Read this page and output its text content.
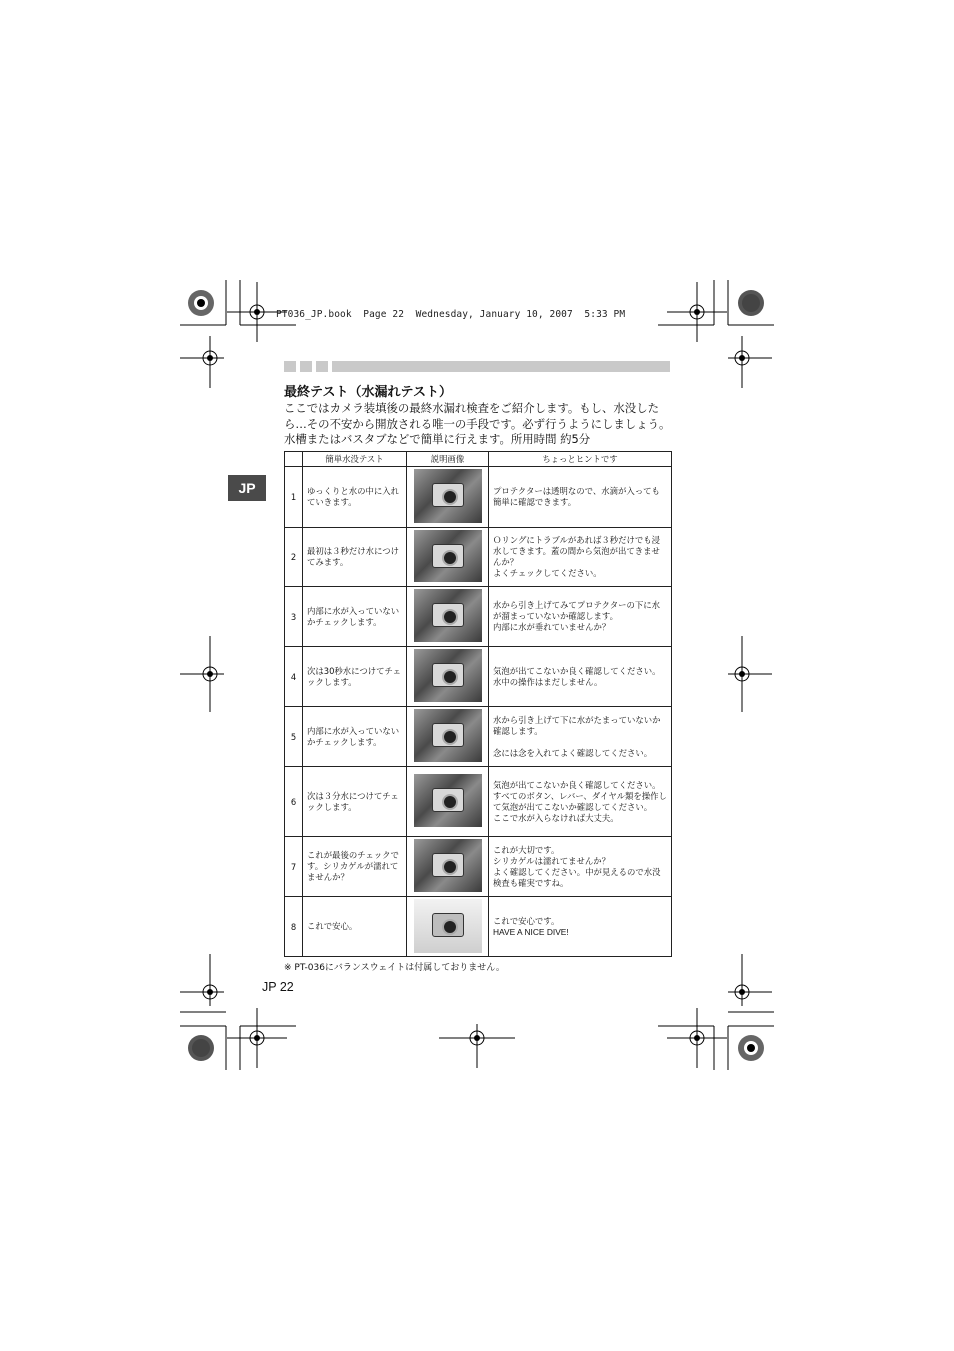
PT036_JP.book  Page 22  Wednesday, January 10, 2007  5:33 PM
JP
最終テスト（水漏れテスト）
ここではカメラ装填後の最終水漏れ検査をご紹介します。もし、水没したら…その不安から開放される唯一の手段です。必ず行うようにしましょう。水槽またはバスタブなどで簡単に行えます。所用時間 約5分
	簡単水没テスト	説明画像	ちょっとヒントです
1	ゆっくりと水の中に入れていきます。		プロテクターは透明なので、水滴が入っても簡単に確認できます。

2	最初は３秒だけ水につけてみます。		Ｏリングにトラブルがあれば３秒だけでも浸水してきます。蓋の間から気泡が出てきませんか？
よくチェックしてください。

3	内部に水が入っていないかチェックします。		水から引き上げてみてプロテクターの下に水が溜まっていないか確認します。
内部に水が垂れていませんか？

4	次は30秒水につけてチェックします。		気泡が出てこないか良く確認してください。
水中の操作はまだしません。

5	内部に水が入っていないかチェックします。		水から引き上げて下に水がたまっていないか確認します。
念には念を入れてよく確認してください。

6	次は３分水につけてチェックします。		気泡が出てこないか良く確認してください。
すべてのボタン、レバー、ダイヤル類を操作して気泡が出てこないか確認してください。
ここで水が入らなければ大丈夫。

7	これが最後のチェックです。シリカゲルが濡れてませんか？		これが大切です。
シリカゲルは濡れてませんか？
よく確認してください。中が見えるので水没検査も確実ですね。

8	これで安心。		これで安心です。
HAVE A NICE DIVE!
※ PT-036にバランスウェイトは付属しておりません。
JP 22
